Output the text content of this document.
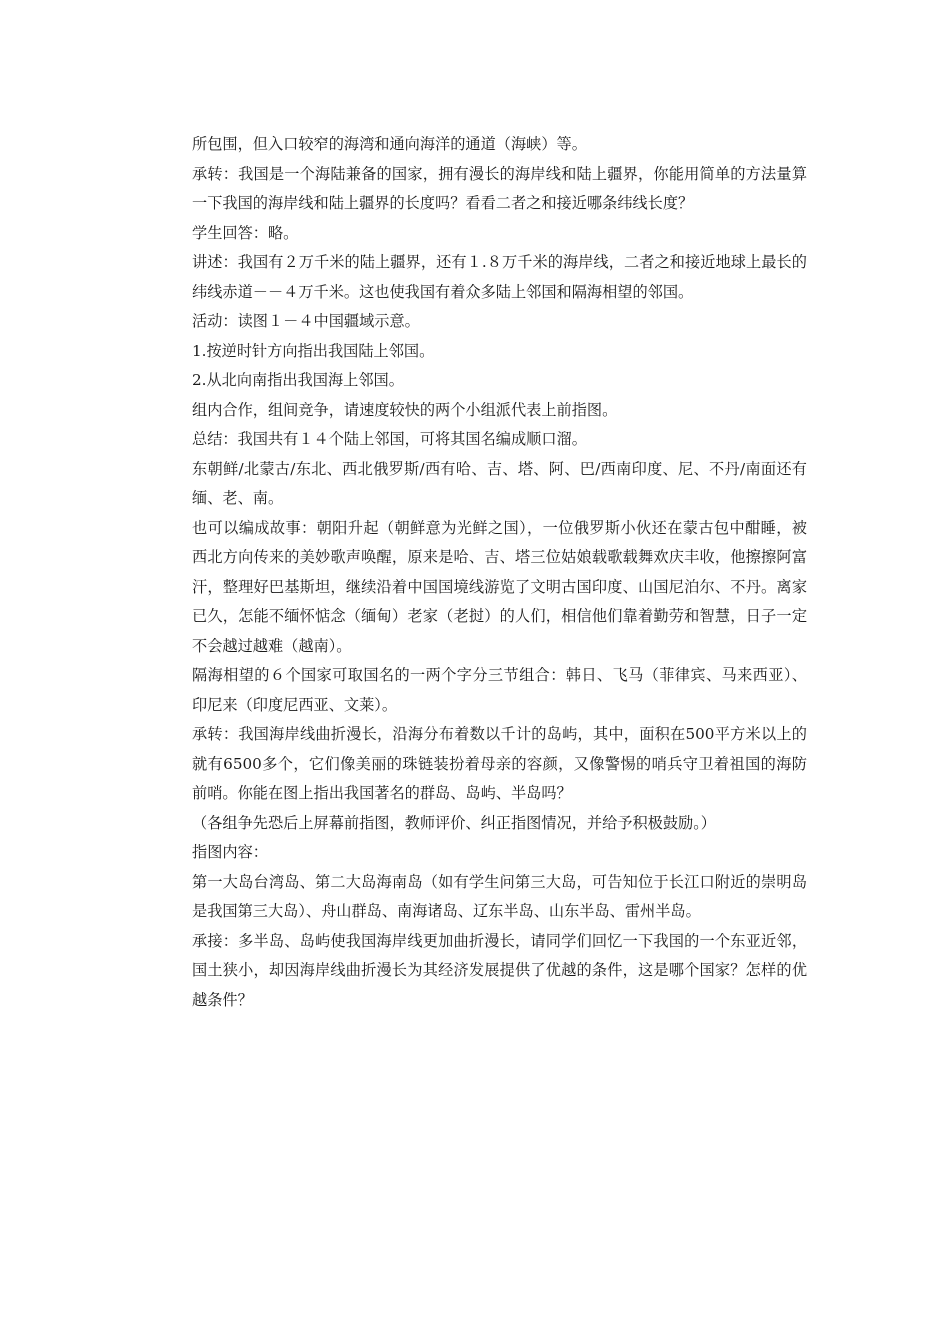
所包围，但入口较窄的海湾和通向海洋的通道（海峡）等。

承转：我国是一个海陆兼备的国家，拥有漫长的海岸线和陆上疆界，你能用简单的方法量算一下我国的海岸线和陆上疆界的长度吗？看看二者之和接近哪条纬线长度？

学生回答：略。

讲述：我国有２万千米的陆上疆界，还有１.８万千米的海岸线，二者之和接近地球上最长的纬线赤道－－４万千米。这也使我国有着众多陆上邻国和隔海相望的邻国。

活动：读图１－４中国疆域示意。

1.按逆时针方向指出我国陆上邻国。

2.从北向南指出我国海上邻国。

组内合作，组间竞争，请速度较快的两个小组派代表上前指图。

总结：我国共有１４个陆上邻国，可将其国名编成顺口溜。

东朝鲜/北蒙古/东北、西北俄罗斯/西有哈、吉、塔、阿、巴/西南印度、尼、不丹/南面还有缅、老、南。

也可以编成故事：朝阳升起（朝鲜意为光鲜之国），一位俄罗斯小伙还在蒙古包中酣睡，被西北方向传来的美妙歌声唤醒，原来是哈、吉、塔三位姑娘载歌载舞欢庆丰收，他擦擦阿富汗，整理好巴基斯坦，继续沿着中国国境线游览了文明古国印度、山国尼泊尔、不丹。离家已久，怎能不缅怀惦念（缅甸）老家（老挝）的人们，相信他们靠着勤劳和智慧，日子一定不会越过越难（越南）。

隔海相望的６个国家可取国名的一两个字分三节组合：韩日、飞马（菲律宾、马来西亚）、印尼来（印度尼西亚、文莱）。

承转：我国海岸线曲折漫长，沿海分布着数以千计的岛屿，其中，面积在500平方米以上的就有6500多个，它们像美丽的珠链装扮着母亲的容颜，又像警惕的哨兵守卫着祖国的海防前哨。你能在图上指出我国著名的群岛、岛屿、半岛吗？

（各组争先恐后上屏幕前指图，教师评价、纠正指图情况，并给予积极鼓励。）

指图内容：

第一大岛台湾岛、第二大岛海南岛（如有学生问第三大岛，可告知位于长江口附近的崇明岛是我国第三大岛）、舟山群岛、南海诸岛、辽东半岛、山东半岛、雷州半岛。

承接：多半岛、岛屿使我国海岸线更加曲折漫长，请同学们回忆一下我国的一个东亚近邻，国土狭小，却因海岸线曲折漫长为其经济发展提供了优越的条件，这是哪个国家？怎样的优越条件？
